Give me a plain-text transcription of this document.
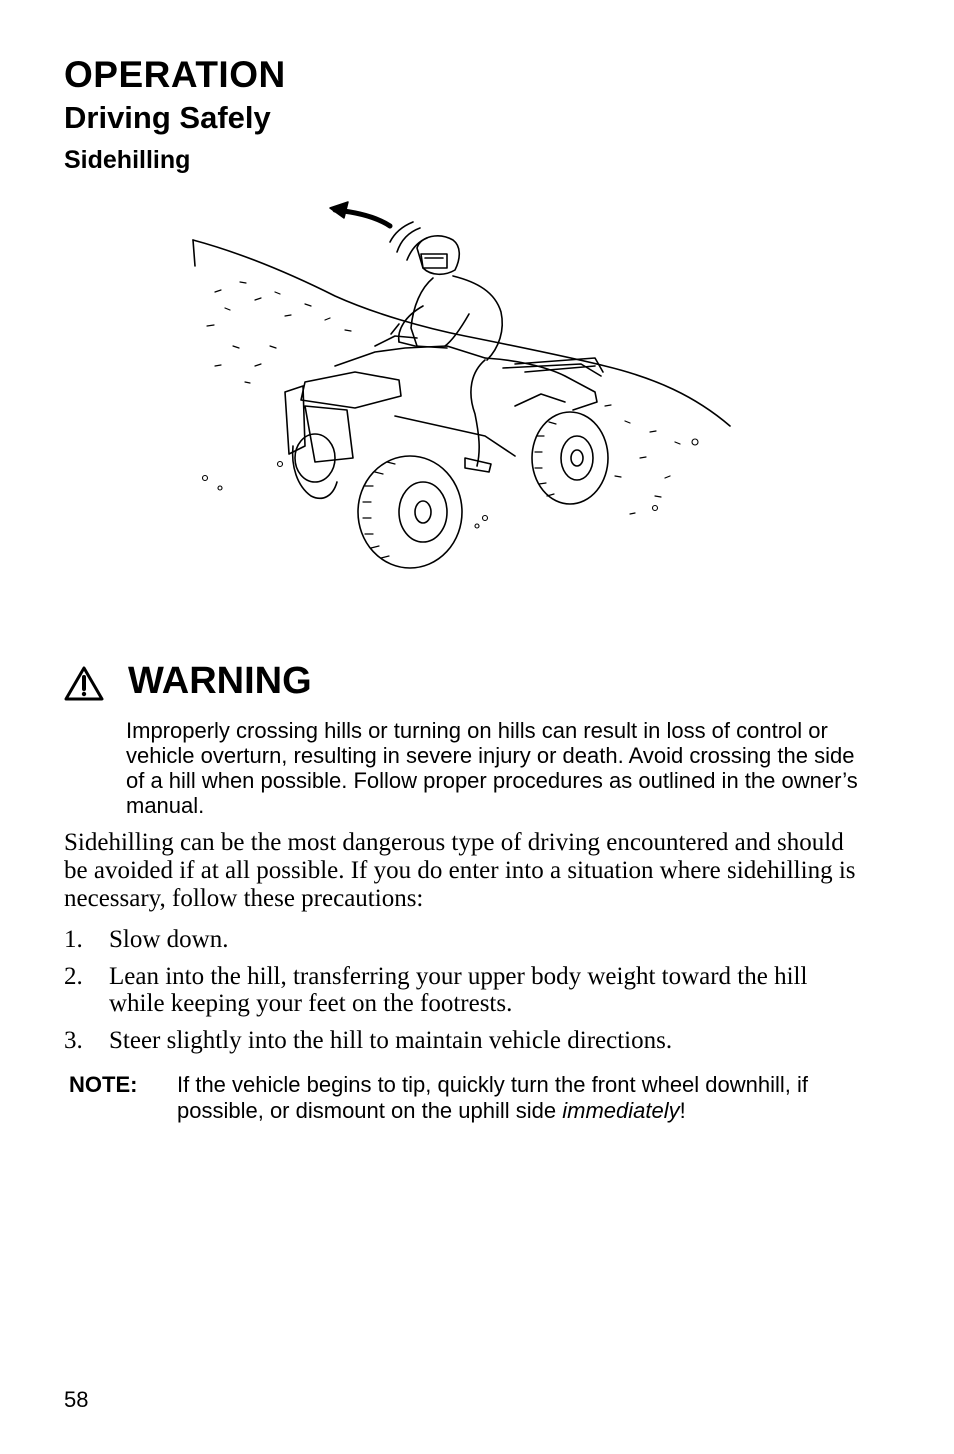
OPERATION
Driving Safely
Sidehilling
WARNING

Improperly crossing hills or turning on hills can result in loss of control or vehicle overturn, resulting in severe injury or death. Avoid crossing the side of a hill when possible. Follow proper procedures as outlined in the owner’s manual.

Sidehilling can be the most dangerous type of driving encountered and should be avoided if at all possible. If you do enter into a situation where sidehilling is necessary, follow these precautions:

1. Slow down.
2. Lean into the hill, transferring your upper body weight toward the hill while keeping your feet on the footrests.
3. Steer slightly into the hill to maintain vehicle directions.
NOTE: If the vehicle begins to tip, quickly turn the front wheel downhill, if possible, or dismount on the uphill side immediately!

58
